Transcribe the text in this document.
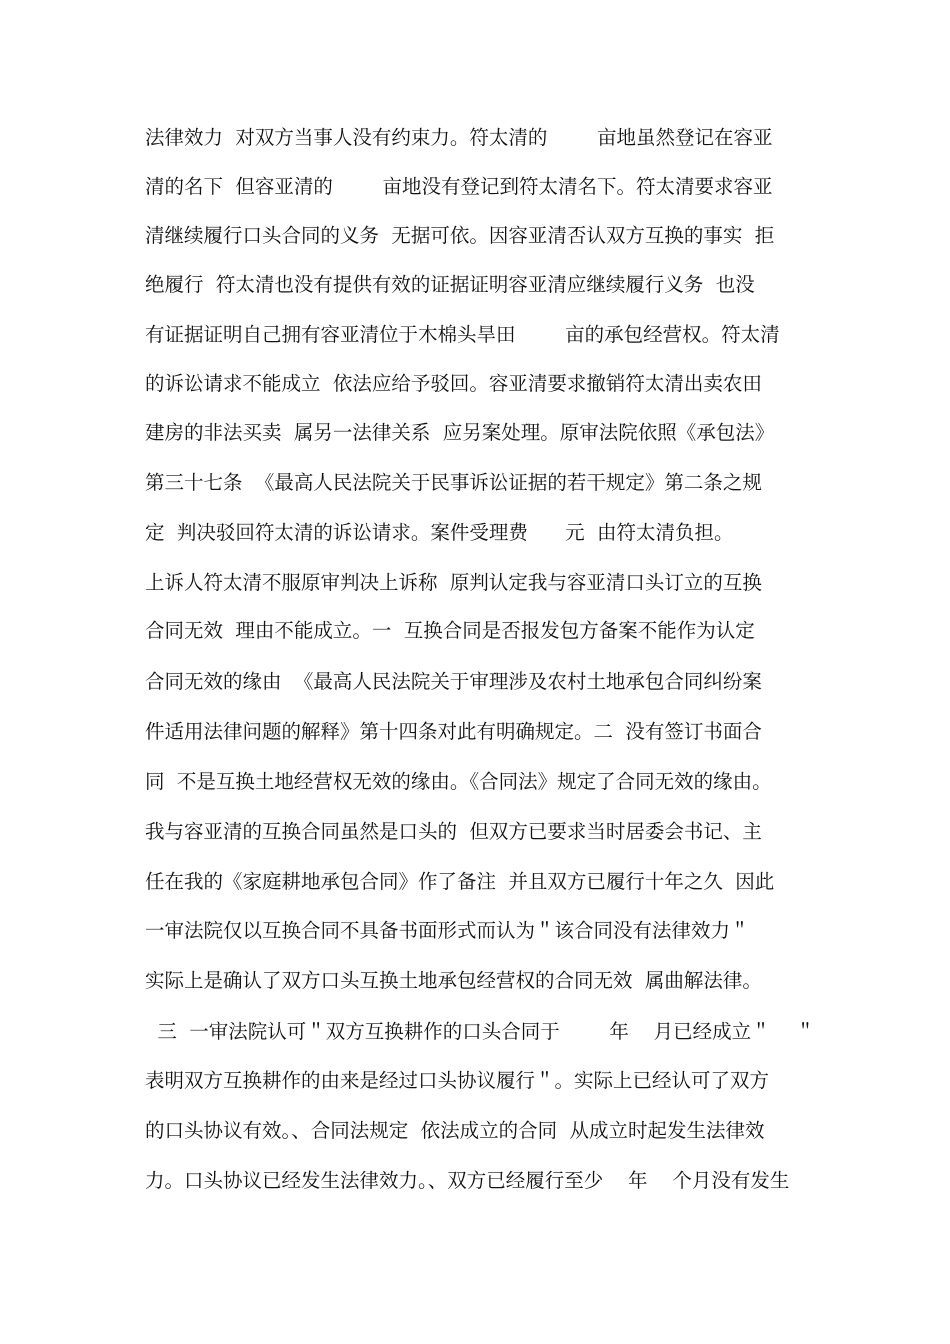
法律效力  对双方当事人没有约束力。符太清的        亩地虽然登记在容亚
清的名下  但容亚清的        亩地没有登记到符太清名下。符太清要求容亚
清继续履行口头合同的义务  无据可依。因容亚清否认双方互换的事实  拒
绝履行  符太清也没有提供有效的证据证明容亚清应继续履行义务  也没
有证据证明自己拥有容亚清位于木棉头旱田        亩的承包经营权。符太清
的诉讼请求不能成立  依法应给予驳回。容亚清要求撤销符太清出卖农田
建房的非法买卖  属另一法律关系  应另案处理。原审法院依照《承包法》
第三十七条  《最高人民法院关于民事诉讼证据的若干规定》第二条之规
定  判决驳回符太清的诉讼请求。案件受理费      元  由符太清负担。
上诉人符太清不服原审判决上诉称  原判认定我与容亚清口头订立的互换
合同无效  理由不能成立。一  互换合同是否报发包方备案不能作为认定
合同无效的缘由  《最高人民法院关于审理涉及农村土地承包合同纠纷案
件适用法律问题的解释》第十四条对此有明确规定。二  没有签订书面合
同  不是互换土地经营权无效的缘由。《合同法》规定了合同无效的缘由。
我与容亚清的互换合同虽然是口头的  但双方已要求当时居委会书记、主
任在我的《家庭耕地承包合同》作了备注  并且双方已履行十年之久  因此
一审法院仅以互换合同不具备书面形式而认为＂该合同没有法律效力＂
实际上是确认了双方口头互换土地承包经营权的合同无效  属曲解法律。
三  一审法院认可＂双方互换耕作的口头合同于        年    月已经成立＂    ＂
表明双方互换耕作的由来是经过口头协议履行＂。实际上已经认可了双方
的口头协议有效。、合同法规定  依法成立的合同  从成立时起发生法律效
力。口头协议已经发生法律效力。、双方已经履行至少    年    个月没有发生
